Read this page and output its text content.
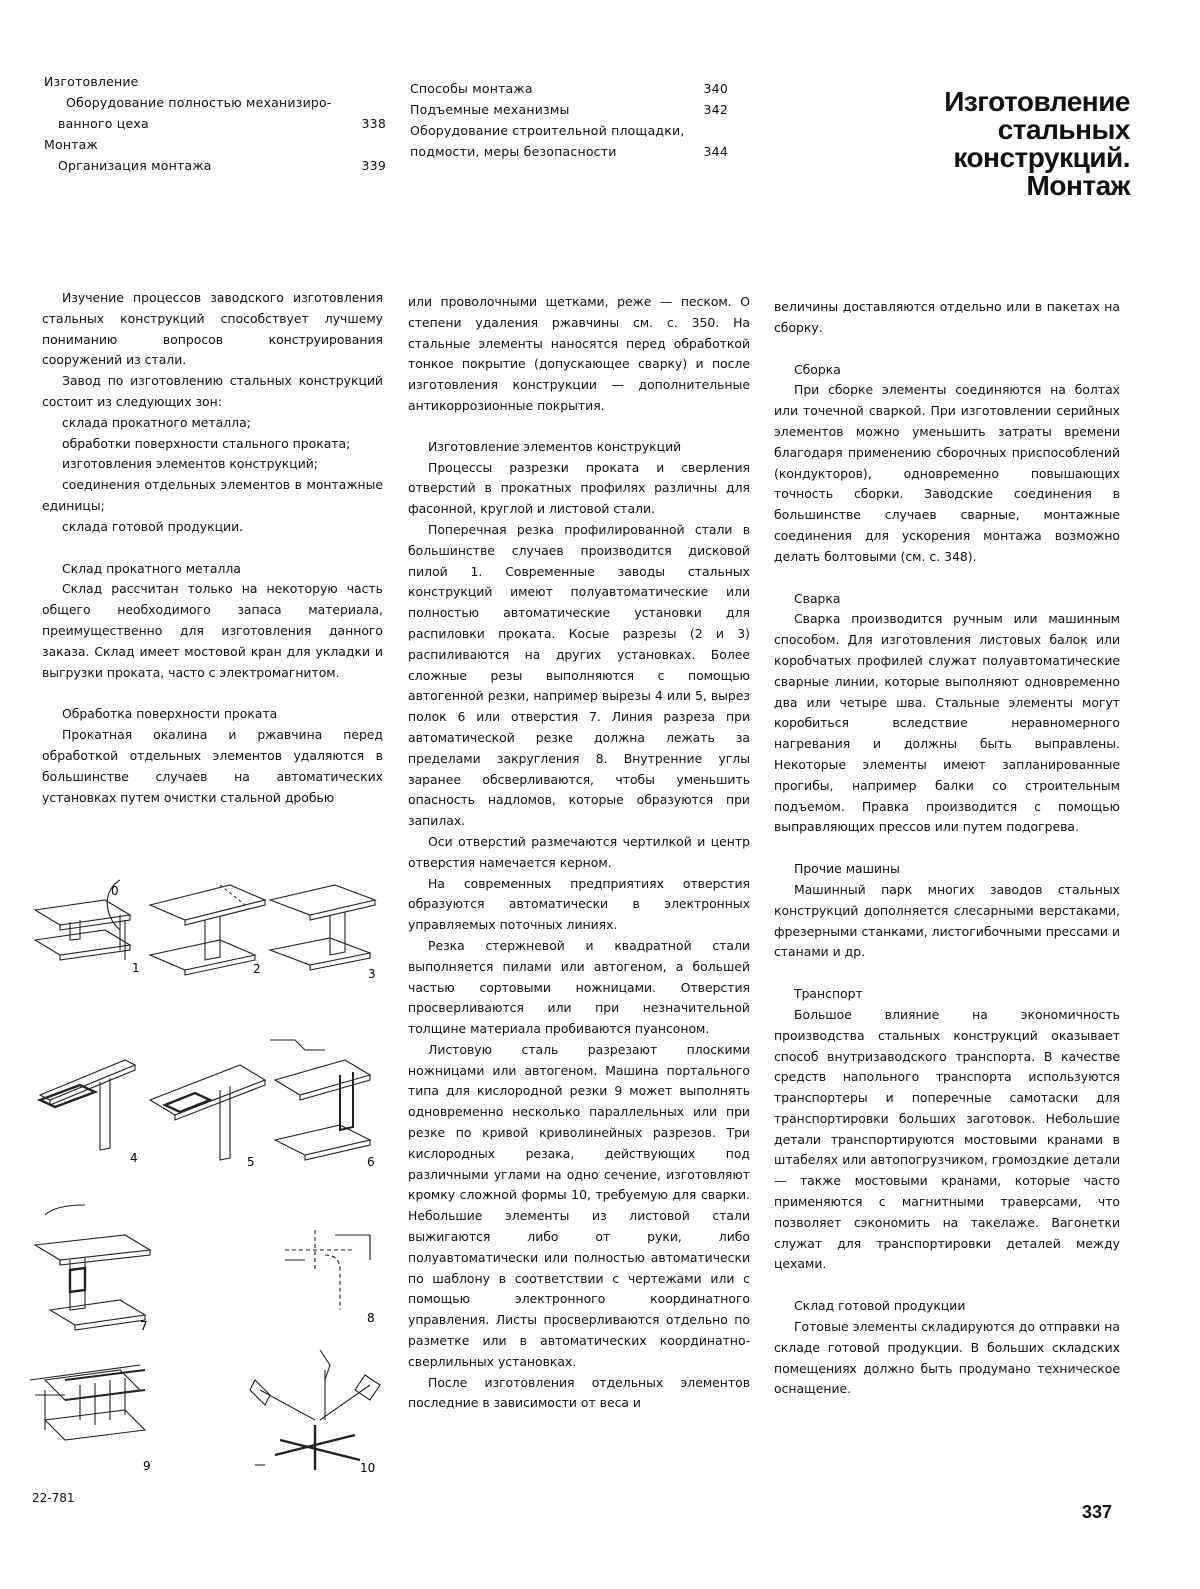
Изготовление
Оборудование полностью механизиро-
ванного цеха	338
Монтаж
Организация монтажа	339
Способы монтажа	340
Подъемные механизмы	342
Оборудование строительной площадки,
подмости, меры безопасности	344
Изготовление
стальных
конструкций.
Монтаж

Изучение процессов заводского изготовления стальных конструкций способствует лучшему пониманию вопросов конструирования сооружений из стали.

Завод по изготовлению стальных конструкций состоит из следующих зон:

склада прокатного металла;

обработки поверхности стального проката;

изготовления элементов конструкций;

соединения отдельных элементов в монтажные единицы;

склада готовой продукции.

Склад прокатного металла

Склад рассчитан только на некоторую часть общего необходимого запаса материала, преимущественно для изготовления данного заказа. Склад имеет мостовой кран для укладки и выгрузки проката, часто с электромагнитом.

Обработка поверхности проката

Прокатная окалина и ржавчина перед обработкой отдельных элементов удаляются в большинстве случаев на автоматических установках путем очистки стальной дробью

или проволочными щетками, реже — песком. О степени удаления ржавчины см. с. 350. На стальные элементы наносятся перед обработкой тонкое покрытие (допускающее сварку) и после изготовления конструкции — дополнительные антикоррозионные покрытия.

Изготовление элементов конструкций

Процессы разрезки проката и сверления отверстий в прокатных профилях различны для фасонной, круглой и листовой стали.

Поперечная резка профилированной стали в большинстве случаев производится дисковой пилой 1. Современные заводы стальных конструкций имеют полуавтоматические или полностью автоматические установки для распиловки проката. Косые разрезы (2 и 3) распиливаются на других установках. Более сложные резы выполняются с помощью автогенной резки, например вырезы 4 или 5, вырез полок 6 или отверстия 7. Линия разреза при автоматической резке должна лежать за пределами закругления 8. Внутренние углы заранее обсверливаются, чтобы уменьшить опасность надломов, которые образуются при запилах.

Оси отверстий размечаются чертилкой и центр отверстия намечается керном.

На современных предприятиях отверстия образуются автоматически в электронных управляемых поточных линиях.

Резка стержневой и квадратной стали выполняется пилами или автогеном, а большей частью сортовыми ножницами. Отверстия просверливаются или при незначительной толщине материала пробиваются пуансоном.

Листовую сталь разрезают плоскими ножницами или автогеном. Машина портального типа для кислородной резки 9 может выполнять одновременно несколько параллельных или при резке по кривой криволинейных разрезов. Три кислородных резака, действующих под различными углами на одно сечение, изготовляют кромку сложной формы 10, требуемую для сварки. Небольшие элементы из листовой стали выжигаются либо от руки, либо полуавтоматически или полностью автоматически по шаблону в соответствии с чертежами или с помощью электронного координатного управления. Листы просверливаются отдельно по разметке или в автоматических координатно-сверлильных установках.

После изготовления отдельных элементов последние в зависимости от веса и

величины доставляются отдельно или в пакетах на сборку.

Сборка

При сборке элементы соединяются на болтах или точечной сваркой. При изготовлении серийных элементов можно уменьшить затраты времени благодаря применению сборочных приспособлений (кондукторов), одновременно повышающих точность сборки. Заводские соединения в большинстве случаев сварные, монтажные соединения для ускорения монтажа возможно делать болтовыми (см. с. 348).

Сварка

Сварка производится ручным или машинным способом. Для изготовления листовых балок или коробчатых профилей служат полуавтоматические сварные линии, которые выполняют одновременно два или четыре шва. Стальные элементы могут коробиться вследствие неравномерного нагревания и должны быть выправлены. Некоторые элементы имеют запланированные прогибы, например балки со строительным подъемом. Правка производится с помощью выправляющих прессов или путем подогрева.

Прочие машины

Машинный парк многих заводов стальных конструкций дополняется слесарными верстаками, фрезерными станками, листогибочными прессами и станами и др.

Транспорт

Большое влияние на экономичность производства стальных конструкций оказывает способ внутризаводского транспорта. В качестве средств напольного транспорта используются транспортеры и поперечные самотаски для транспортировки больших заготовок. Небольшие детали транспортируются мостовыми кранами в штабелях или автопогрузчиком, громоздкие детали — также мостовыми кранами, которые часто применяются с магнитными траверсами, что позволяет сэкономить на такелаже. Вагонетки служат для транспортировки деталей между цехами.

Склад готовой продукции

Готовые элементы складируются до отправки на складе готовой продукции. В больших складских помещениях должно быть продумано техническое оснащение.

0
1	2	3
4	5	6
7
8
9	10
22-781
337
